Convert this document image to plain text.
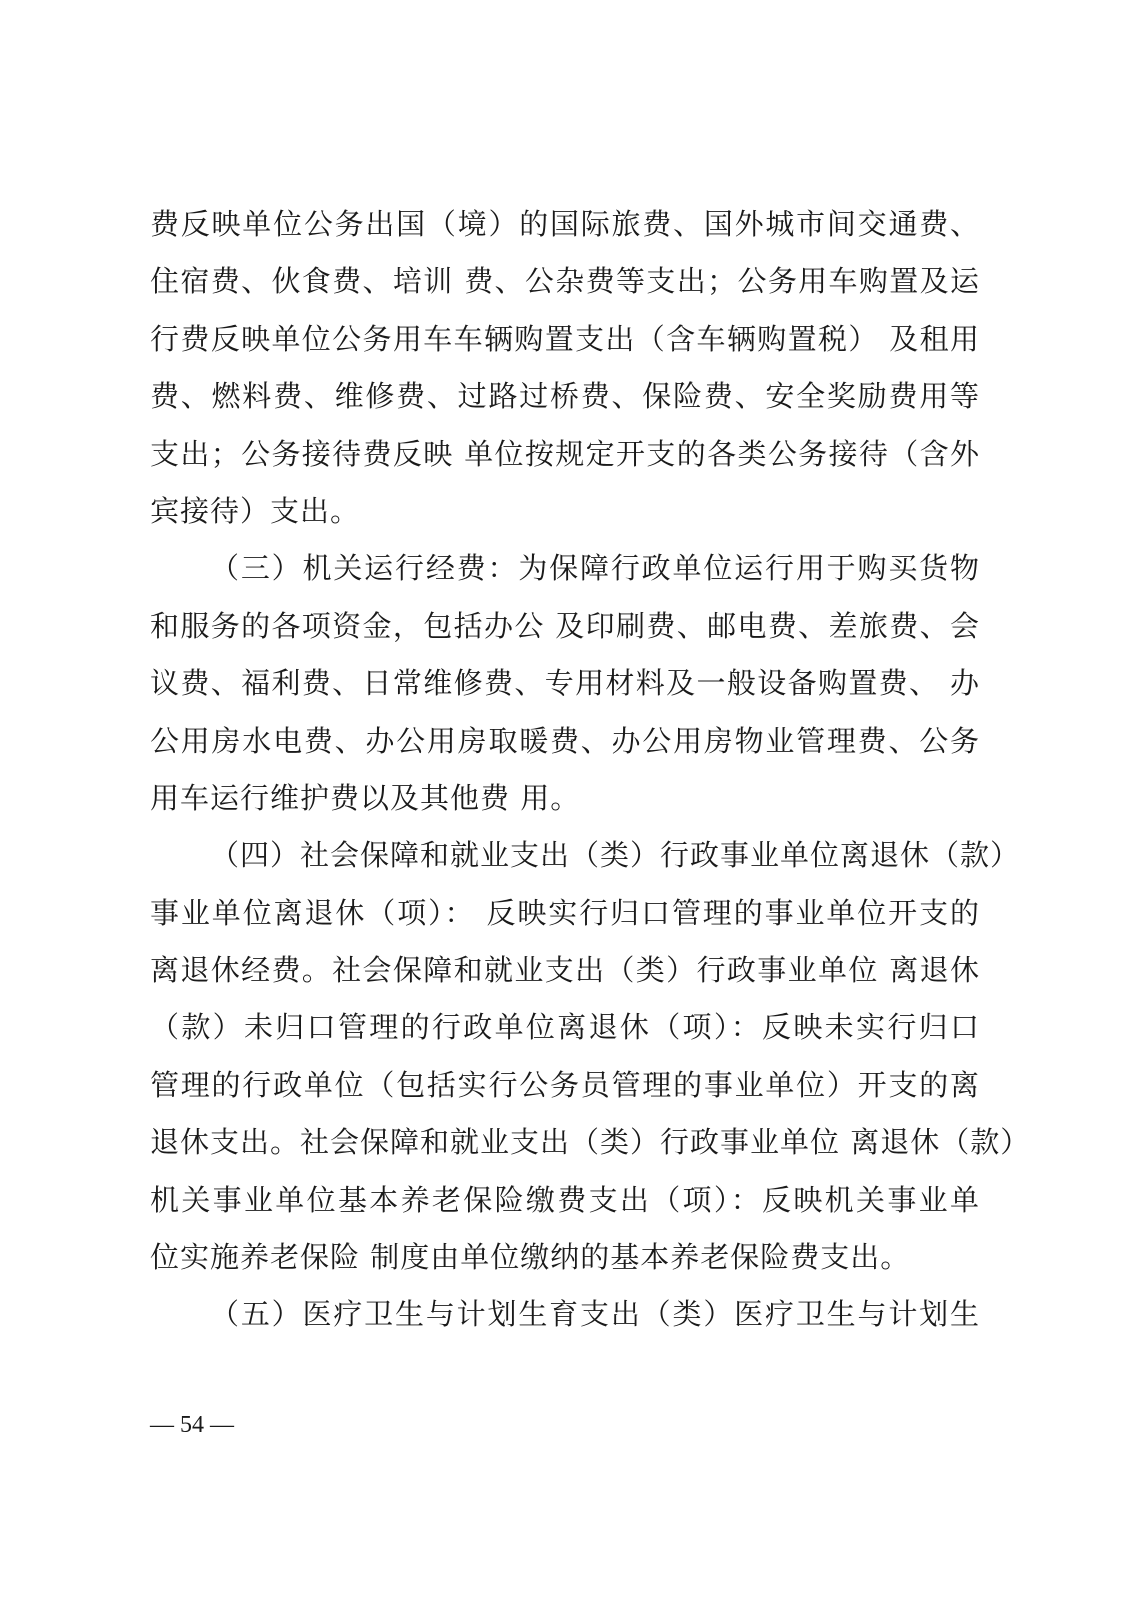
费反映单位公务出国（境）的国际旅费、国外城市间交通费、
住宿费、伙食费、培训 费、公杂费等支出；公务用车购置及运
行费反映单位公务用车车辆购置支出（含车辆购置税） 及租用
费、燃料费、维修费、过路过桥费、保险费、安全奖励费用等
支出；公务接待费反映 单位按规定开支的各类公务接待（含外
宾接待）支出。
（三）机关运行经费：为保障行政单位运行用于购买货物
和服务的各项资金，包括办公 及印刷费、邮电费、差旅费、会
议费、福利费、日常维修费、专用材料及一般设备购置费、 办
公用房水电费、办公用房取暖费、办公用房物业管理费、公务
用车运行维护费以及其他费 用。
（四）社会保障和就业支出（类）行政事业单位离退休（款）
事业单位离退休（项）： 反映实行归口管理的事业单位开支的
离退休经费。社会保障和就业支出（类）行政事业单位 离退休
（款）未归口管理的行政单位离退休（项）：反映未实行归口
管理的行政单位（包括实行公务员管理的事业单位）开支的离
退休支出。社会保障和就业支出（类）行政事业单位 离退休（款）
机关事业单位基本养老保险缴费支出（项）：反映机关事业单
位实施养老保险 制度由单位缴纳的基本养老保险费支出。
（五）医疗卫生与计划生育支出（类）医疗卫生与计划生
— 54 —
